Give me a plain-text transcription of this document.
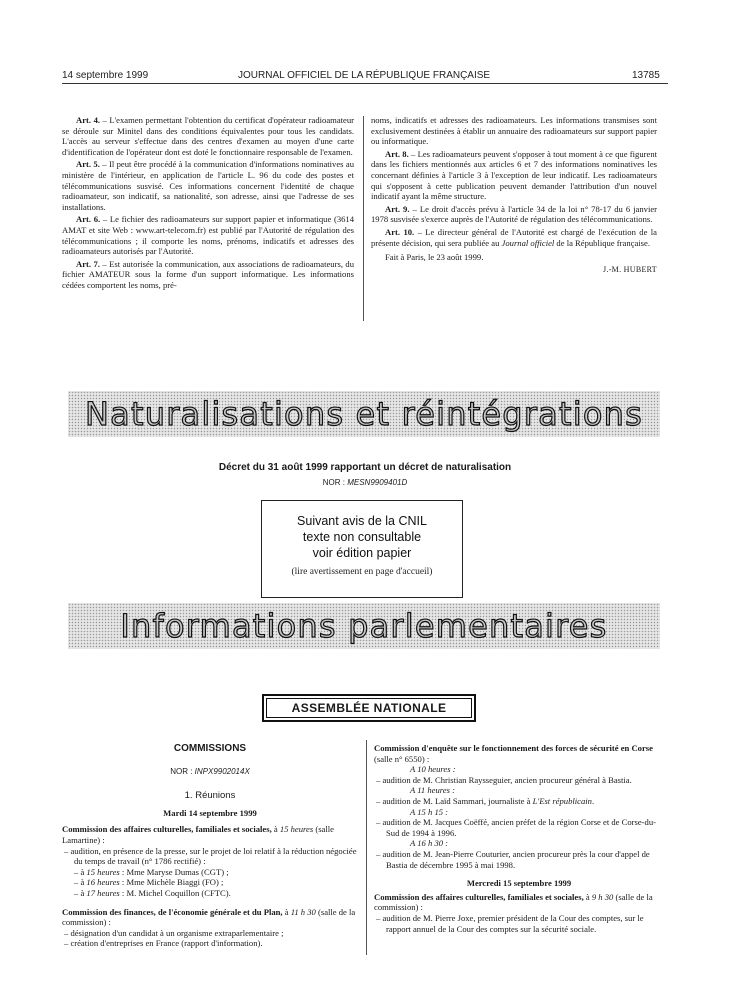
14 septembre 1999	JOURNAL OFFICIEL DE LA RÉPUBLIQUE FRANÇAISE	13785

Art. 4. – L'examen permettant l'obtention du certificat d'opérateur radioamateur se déroule sur Minitel dans des conditions équivalentes pour tous les candidats. L'accès au serveur s'effectue dans des centres d'examen au moyen d'une carte d'identification de l'opérateur dont est doté le fonctionnaire responsable de l'examen.

Art. 5. – Il peut être procédé à la communication d'informations nominatives au ministère de l'intérieur, en application de l'article L. 96 du code des postes et télécommunications susvisé. Ces informations concernent l'identité de chaque radioamateur, son indicatif, sa nationalité, son adresse, ainsi que l'adresse de ses installations.

Art. 6. – Le fichier des radioamateurs sur support papier et informatique (3614 AMAT et site Web : www.art-telecom.fr) est publié par l'Autorité de régulation des télécommunications ; il comporte les noms, prénoms, indicatifs et adresses des radioamateurs autorisés par l'Autorité.

Art. 7. – Est autorisée la communication, aux associations de radioamateurs, du fichier AMATEUR sous la forme d'un support informatique. Les informations cédées comportent les noms, pré-

noms, indicatifs et adresses des radioamateurs. Les informations transmises sont exclusivement destinées à établir un annuaire des radioamateurs sur support papier ou informatique.

Art. 8. – Les radioamateurs peuvent s'opposer à tout moment à ce que figurent dans les fichiers mentionnés aux articles 6 et 7 des informations nominatives les concernant définies à l'article 3 à l'exception de leur indicatif. Les radioamateurs qui s'opposent à cette publication peuvent demander l'attribution d'un nouvel indicatif ayant la même structure.

Art. 9. – Le droit d'accès prévu à l'article 34 de la loi n° 78-17 du 6 janvier 1978 susvisée s'exerce auprès de l'Autorité de régulation des télécommunications.

Art. 10. – Le directeur général de l'Autorité est chargé de l'exécution de la présente décision, qui sera publiée au Journal officiel de la République française.

Fait à Paris, le 23 août 1999.

J.-M. HUBERT

Naturalisations et réintégrations
Décret du 31 août 1999 rapportant un décret de naturalisation
NOR : MESN9909401D
Suivant avis de la CNIL
texte non consultable
voir édition papier
(lire avertissement en page d'accueil)
Informations parlementaires
ASSEMBLÉE NATIONALE

COMMISSIONS

NOR : INPX9902014X

1. Réunions

Mardi 14 septembre 1999

Commission des affaires culturelles, familiales et sociales, à 15 heures (salle Lamartine) :

– audition, en présence de la presse, sur le projet de loi relatif à la réduction négociée du temps de travail (n° 1786 rectifié) :

– à 15 heures : Mme Maryse Dumas (CGT) ;

– à 16 heures : Mme Michèle Biaggi (FO) ;

– à 17 heures : M. Michel Coquillon (CFTC).

Commission des finances, de l'économie générale et du Plan, à 11 h 30 (salle de la commission) :

– désignation d'un candidat à un organisme extraparlementaire ;

– création d'entreprises en France (rapport d'information).

Commission d'enquête sur le fonctionnement des forces de sécurité en Corse (salle n° 6550) :

A 10 heures :

– audition de M. Christian Raysseguier, ancien procureur général à Bastia.

A 11 heures :

– audition de M. Laïd Sammari, journaliste à L'Est républicain.

A 15 h 15 :

– audition de M. Jacques Coëffé, ancien préfet de la région Corse et de Corse-du-Sud de 1994 à 1996.

A 16 h 30 :

– audition de M. Jean-Pierre Couturier, ancien procureur près la cour d'appel de Bastia de décembre 1995 à mai 1998.

Mercredi 15 septembre 1999

Commission des affaires culturelles, familiales et sociales, à 9 h 30 (salle de la commission) :

– audition de M. Pierre Joxe, premier président de la Cour des comptes, sur le rapport annuel de la Cour des comptes sur la sécurité sociale.
